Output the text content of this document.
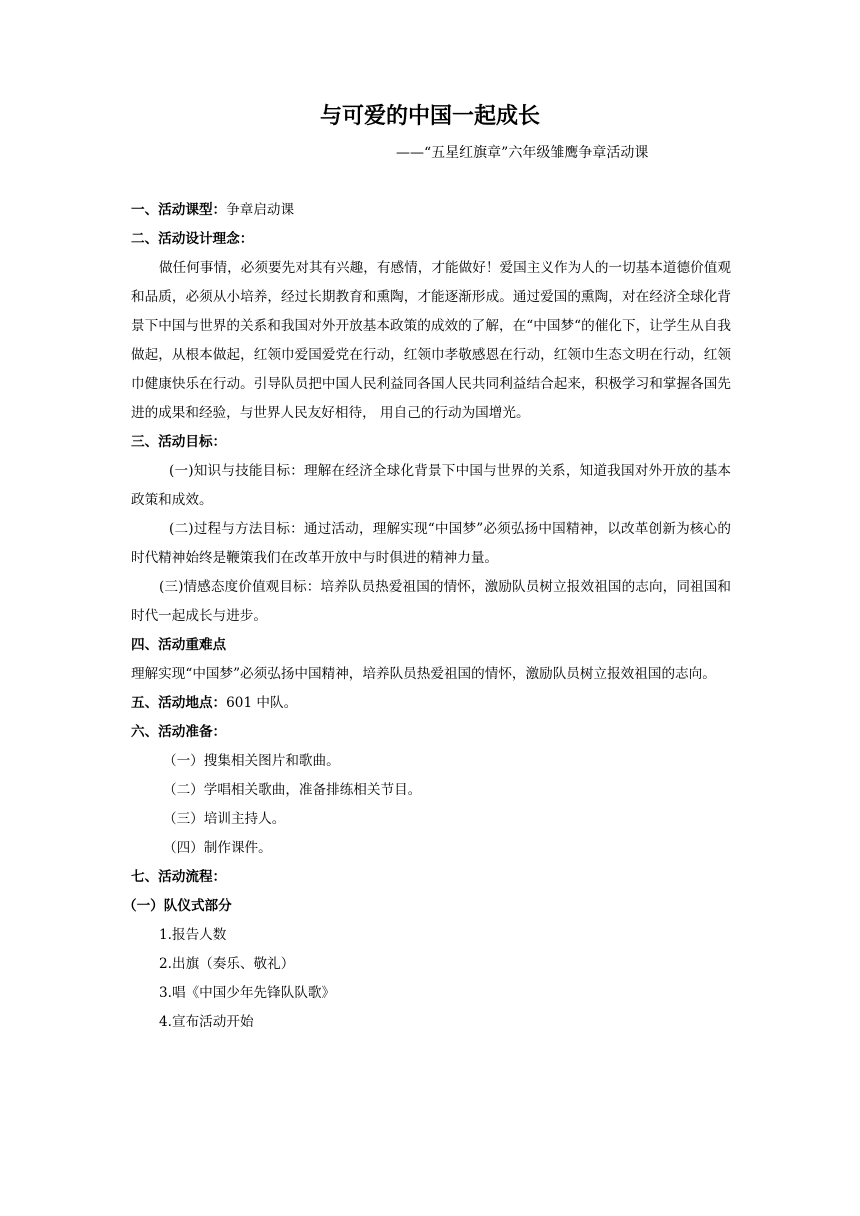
与可爱的中国一起成长
——“五星红旗章”六年级雏鹰争章活动课
一、活动课型：争章启动课
二、活动设计理念：
做任何事情，必须要先对其有兴趣，有感情，才能做好！爱国主义作为人的一切基本道德价值观和品质，必须从小培养，经过长期教育和熏陶，才能逐渐形成。通过爱国的熏陶，对在经济全球化背景下中国与世界的关系和我国对外开放基本政策的成效的了解，在“中国梦“的催化下，让学生从自我做起，从根本做起，红领巾爱国爱党在行动，红领巾孝敬感恩在行动，红领巾生态文明在行动，红领巾健康快乐在行动。引导队员把中国人民利益同各国人民共同利益结合起来，积极学习和掌握各国先进的成果和经验，与世界人民友好相待， 用自己的行动为国增光。
三、活动目标：
(一)知识与技能目标：理解在经济全球化背景下中国与世界的关系，知道我国对外开放的基本政策和成效。
(二)过程与方法目标：通过活动，理解实现“中国梦”必须弘扬中国精神，以改革创新为核心的时代精神始终是鞭策我们在改革开放中与时俱进的精神力量。
(三)情感态度价值观目标：培养队员热爱祖国的情怀，激励队员树立报效祖国的志向，同祖国和时代一起成长与进步。
四、活动重难点
理解实现“中国梦”必须弘扬中国精神，培养队员热爱祖国的情怀，激励队员树立报效祖国的志向。
五、活动地点：601 中队。
六、活动准备：
（一）搜集相关图片和歌曲。
（二）学唱相关歌曲，准备排练相关节目。
（三）培训主持人。
（四）制作课件。
七、活动流程：
（一）队仪式部分
1.报告人数
2.出旗（奏乐、敬礼）
3.唱《中国少年先锋队队歌》
4.宣布活动开始
